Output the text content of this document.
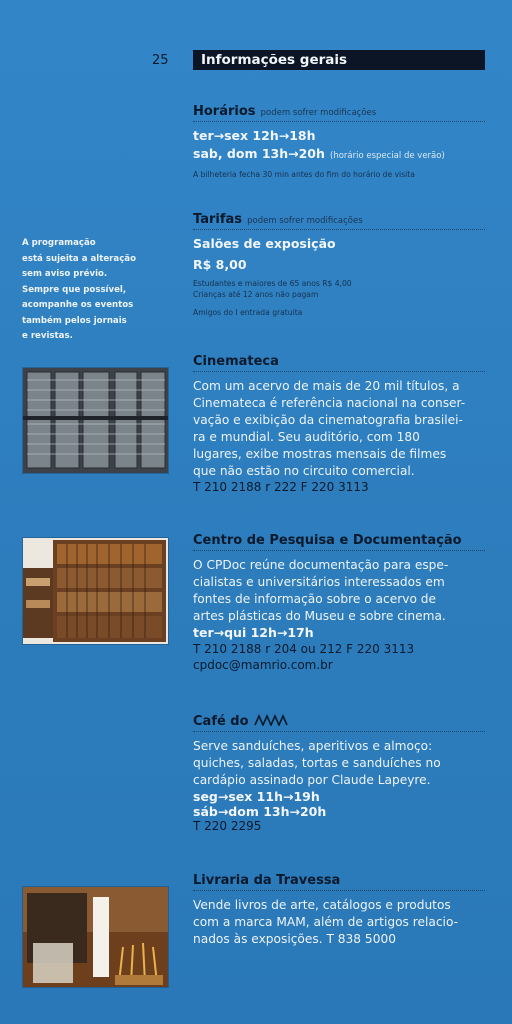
25	Informações gerais
A programação
está sujeita a alteração
sem aviso prévio.
Sempre que possível,
acompanhe os eventos
também pelos jornais
e revistas.
Horários podem sofrer modificações
ter→sex 12h→18h
sab, dom 13h→20h (horário especial de verão)
A bilheteria fecha 30 min antes do fim do horário de visita
Tarifas podem sofrer modificações
Salões de exposição
R$ 8,00
Estudantes e maiores de 65 anos R$ 4,00
Crianças até 12 anos não pagam
Amigos do I entrada gratuita
Cinemateca
Com um acervo de mais de 20 mil títulos, a
Cinemateca é referência nacional na conser-
vação e exibição da cinematografia brasilei-
ra e mundial. Seu auditório, com 180
lugares, exibe mostras mensais de filmes
que não estão no circuito comercial.
T 210 2188 r 222 F 220 3113
Centro de Pesquisa e Documentação
O CPDoc reúne documentação para espe-
cialistas e universitários interessados em
fontes de informação sobre o acervo de
artes plásticas do Museu e sobre cinema.
ter→qui 12h→17h
T 210 2188 r 204 ou 212 F 220 3113
cpdoc@mamrio.com.br
Café do
Serve sanduíches, aperitivos e almoço:
quiches, saladas, tortas e sanduíches no
cardápio assinado por Claude Lapeyre.
seg→sex 11h→19h
sáb→dom 13h→20h
T 220 2295
Livraria da Travessa
Vende livros de arte, catálogos e produtos
com a marca MAM, além de artigos relacio-
nados às exposições. T 838 5000
